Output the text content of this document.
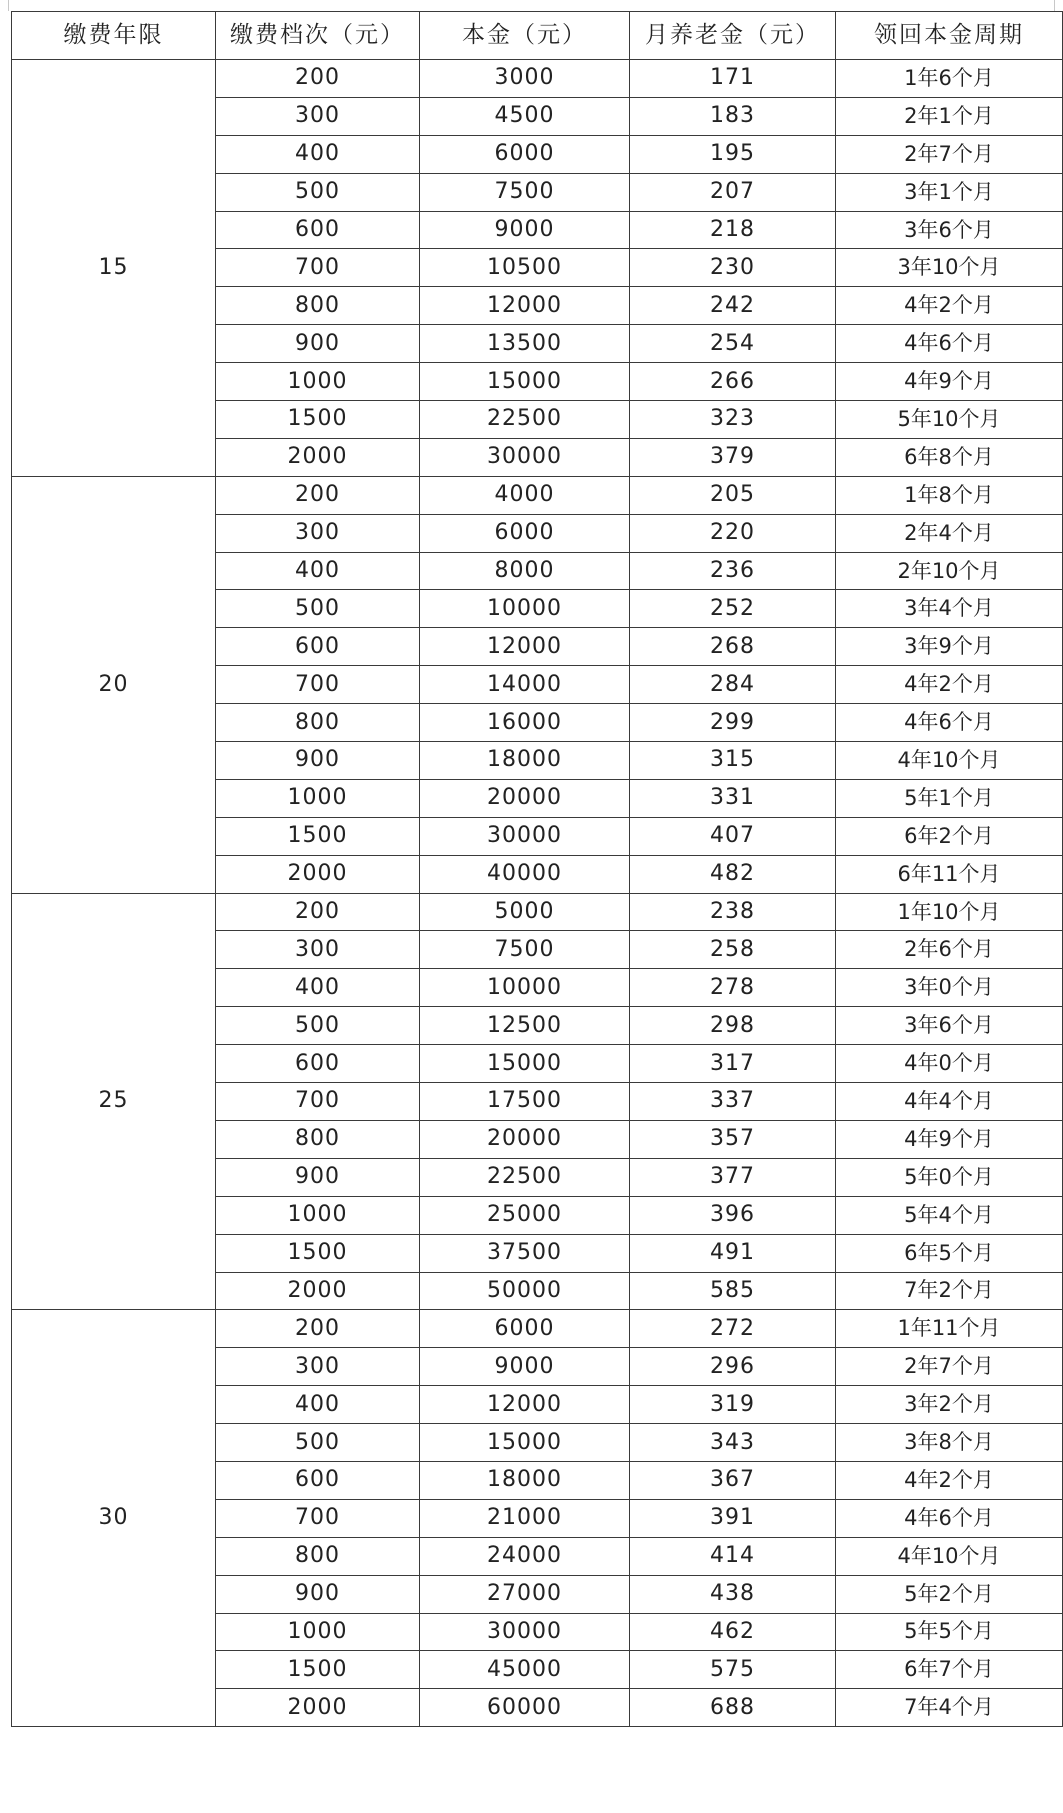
缴费年限	缴费档次（元）	本金（元）	月养老金（元）	领回本金周期
15	200	3000	171	1年6个月
	300	4500	183	2年1个月
	400	6000	195	2年7个月
	500	7500	207	3年1个月
	600	9000	218	3年6个月
	700	10500	230	3年10个月
	800	12000	242	4年2个月
	900	13500	254	4年6个月
	1000	15000	266	4年9个月
	1500	22500	323	5年10个月
	2000	30000	379	6年8个月
20	200	4000	205	1年8个月
	300	6000	220	2年4个月
	400	8000	236	2年10个月
	500	10000	252	3年4个月
	600	12000	268	3年9个月
	700	14000	284	4年2个月
	800	16000	299	4年6个月
	900	18000	315	4年10个月
	1000	20000	331	5年1个月
	1500	30000	407	6年2个月
	2000	40000	482	6年11个月
25	200	5000	238	1年10个月
	300	7500	258	2年6个月
	400	10000	278	3年0个月
	500	12500	298	3年6个月
	600	15000	317	4年0个月
	700	17500	337	4年4个月
	800	20000	357	4年9个月
	900	22500	377	5年0个月
	1000	25000	396	5年4个月
	1500	37500	491	6年5个月
	2000	50000	585	7年2个月
30	200	6000	272	1年11个月
	300	9000	296	2年7个月
	400	12000	319	3年2个月
	500	15000	343	3年8个月
	600	18000	367	4年2个月
	700	21000	391	4年6个月
	800	24000	414	4年10个月
	900	27000	438	5年2个月
	1000	30000	462	5年5个月
	1500	45000	575	6年7个月
	2000	60000	688	7年4个月
